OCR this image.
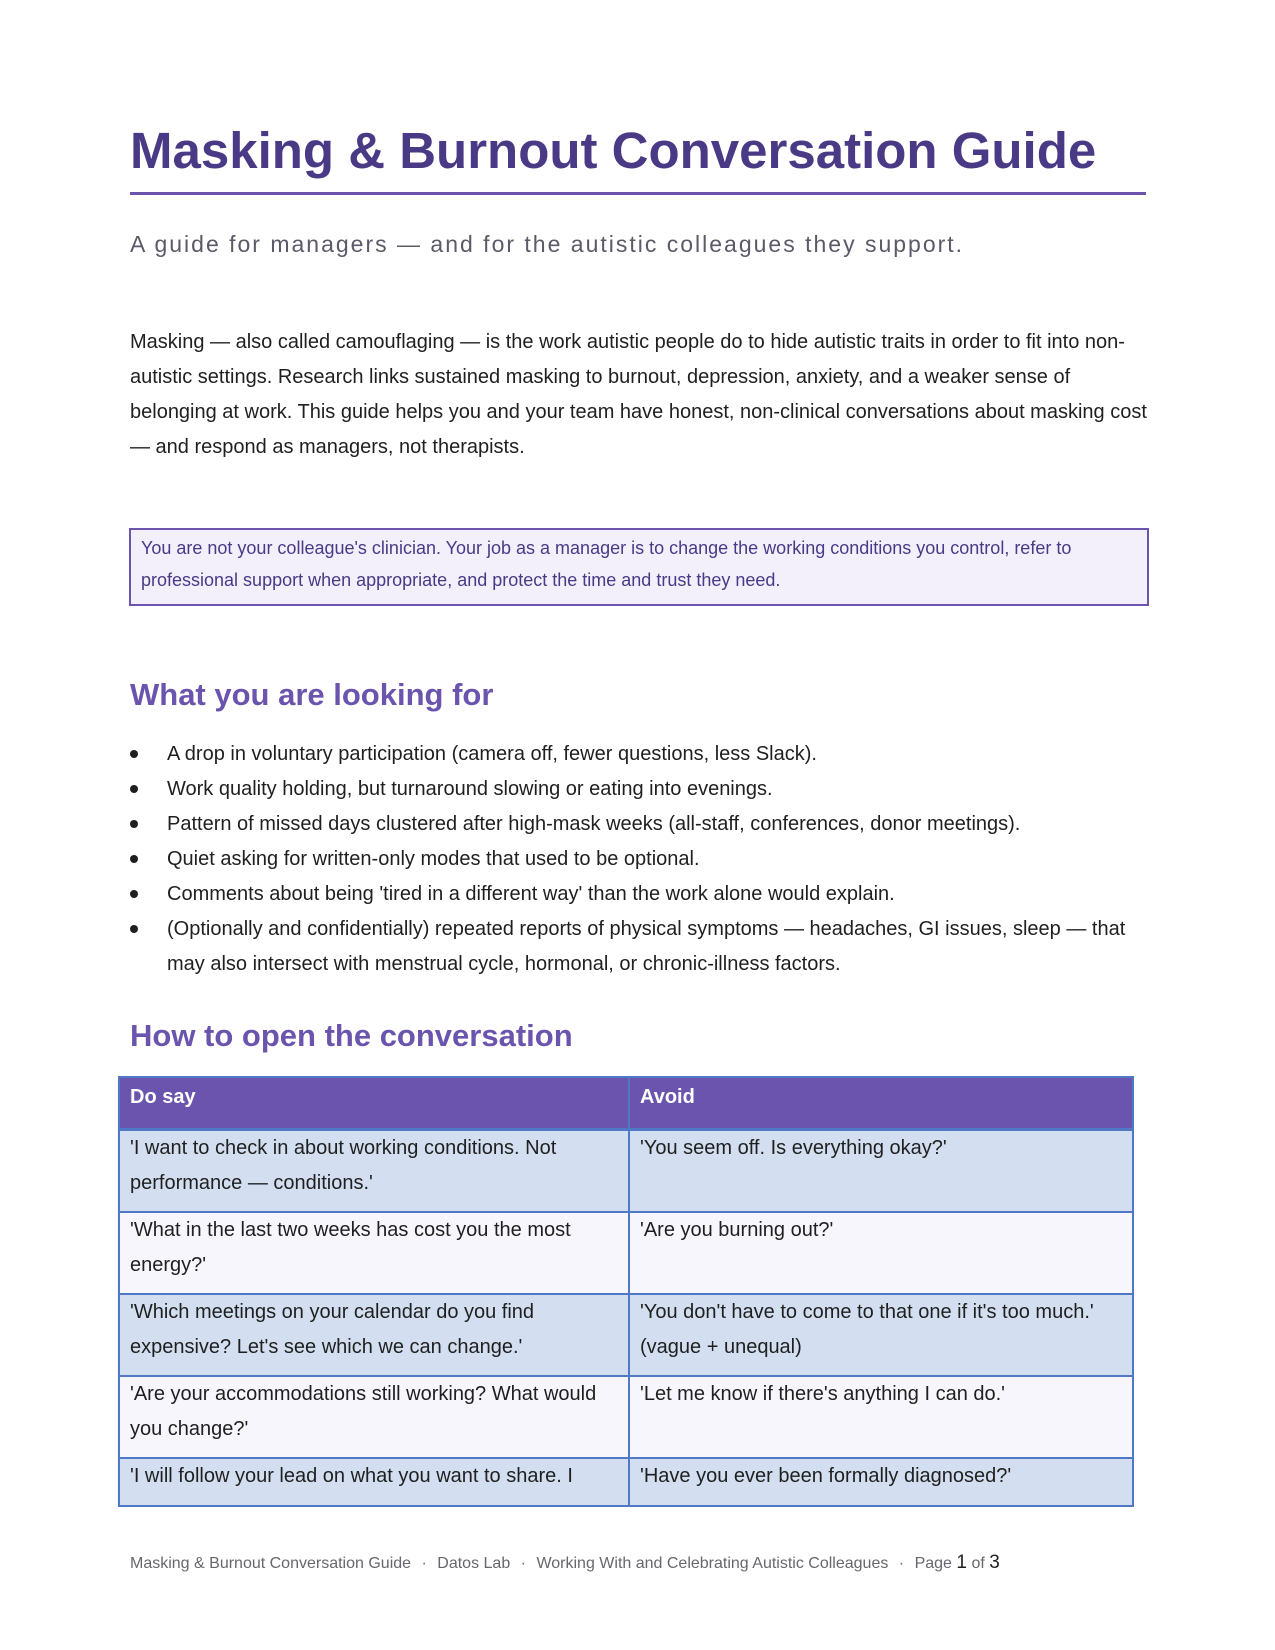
Masking & Burnout Conversation Guide
A guide for managers — and for the autistic colleagues they support.

Masking — also called camouflaging — is the work autistic people do to hide autistic traits in order to fit into non-autistic settings. Research links sustained masking to burnout, depression, anxiety, and a weaker sense of belonging at work. This guide helps you and your team have honest, non-clinical conversations about masking cost — and respond as managers, not therapists.

You are not your colleague's clinician. Your job as a manager is to change the working conditions you control, refer to professional support when appropriate, and protect the time and trust they need.
What you are looking for
A drop in voluntary participation (camera off, fewer questions, less Slack).
Work quality holding, but turnaround slowing or eating into evenings.
Pattern of missed days clustered after high-mask weeks (all-staff, conferences, donor meetings).
Quiet asking for written-only modes that used to be optional.
Comments about being 'tired in a different way' than the work alone would explain.
(Optionally and confidentially) repeated reports of physical symptoms — headaches, GI issues, sleep — that may also intersect with menstrual cycle, hormonal, or chronic-illness factors.
How to open the conversation
Do say	Avoid
'I want to check in about working conditions. Not performance — conditions.'	'You seem off. Is everything okay?'
'What in the last two weeks has cost you the most energy?'	'Are you burning out?'
'Which meetings on your calendar do you find expensive? Let's see which we can change.'	'You don't have to come to that one if it's too much.' (vague + unequal)
'Are your accommodations still working? What would you change?'	'Let me know if there's anything I can do.'
'I will follow your lead on what you want to share. I	'Have you ever been formally diagnosed?'
Masking & Burnout Conversation Guide · Datos Lab · Working With and Celebrating Autistic Colleagues · Page 1 of 3
